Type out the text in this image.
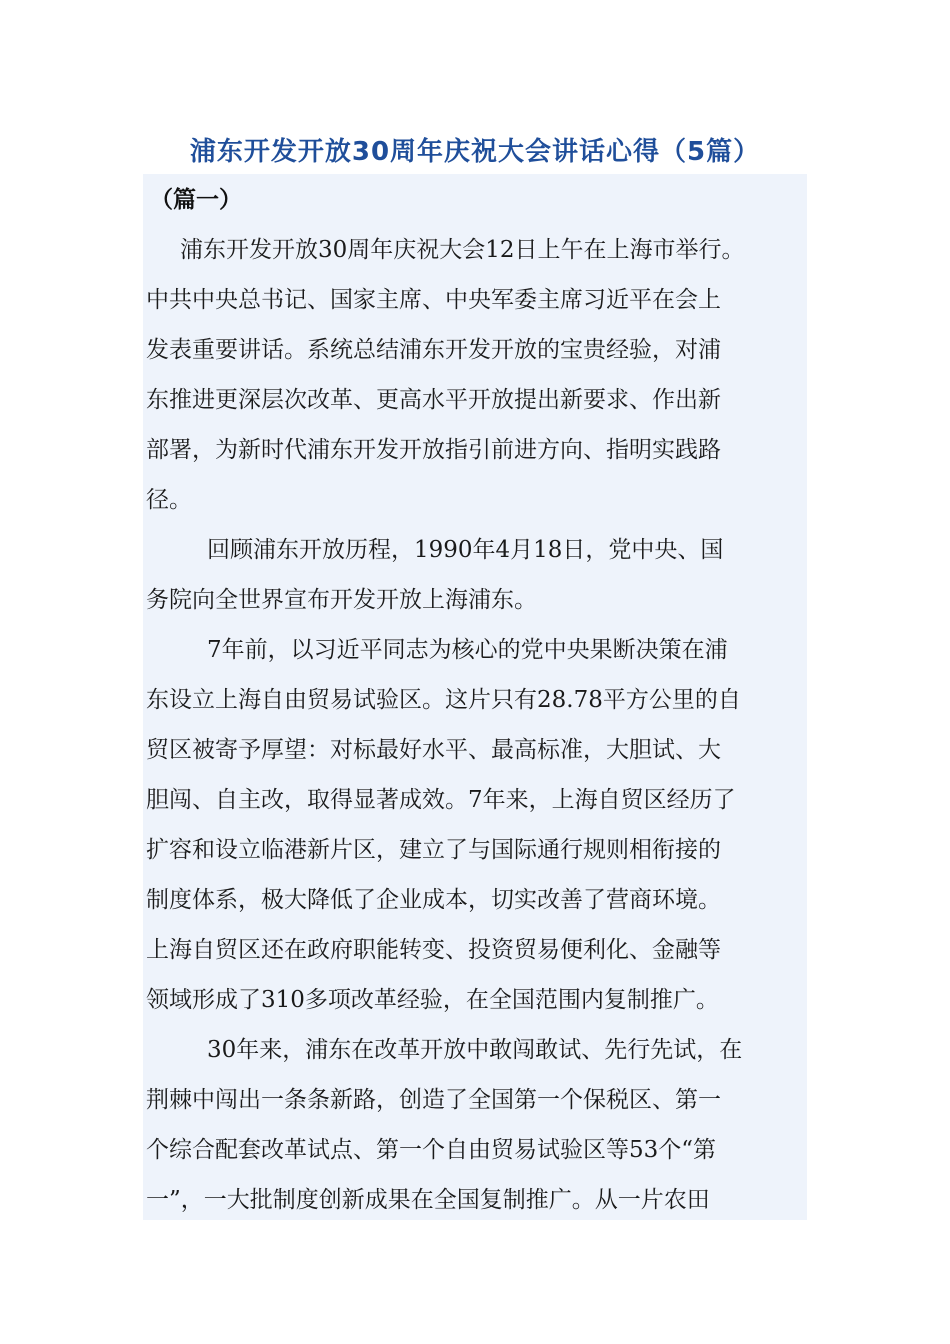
浦东开发开放30周年庆祝大会讲话心得（5篇）

（篇一）

浦东开发开放30周年庆祝大会12日上午在上海市举行。

中共中央总书记、国家主席、中央军委主席习近平在会上

发表重要讲话。系统总结浦东开发开放的宝贵经验，对浦

东推进更深层次改革、更高水平开放提出新要求、作出新

部署，为新时代浦东开发开放指引前进方向、指明实践路

径。

回顾浦东开放历程，1990年4月18日，党中央、国

务院向全世界宣布开发开放上海浦东。

7年前，以习近平同志为核心的党中央果断决策在浦

东设立上海自由贸易试验区。这片只有28.78平方公里的自

贸区被寄予厚望：对标最好水平、最高标准，大胆试、大

胆闯、自主改，取得显著成效。7年来，上海自贸区经历了

扩容和设立临港新片区，建立了与国际通行规则相衔接的

制度体系，极大降低了企业成本，切实改善了营商环境。

上海自贸区还在政府职能转变、投资贸易便利化、金融等

领域形成了310多项改革经验，在全国范围内复制推广。

30年来，浦东在改革开放中敢闯敢试、先行先试，在

荆棘中闯出一条条新路，创造了全国第一个保税区、第一

个综合配套改革试点、第一个自由贸易试验区等53个“第

一”，一大批制度创新成果在全国复制推广。从一片农田
